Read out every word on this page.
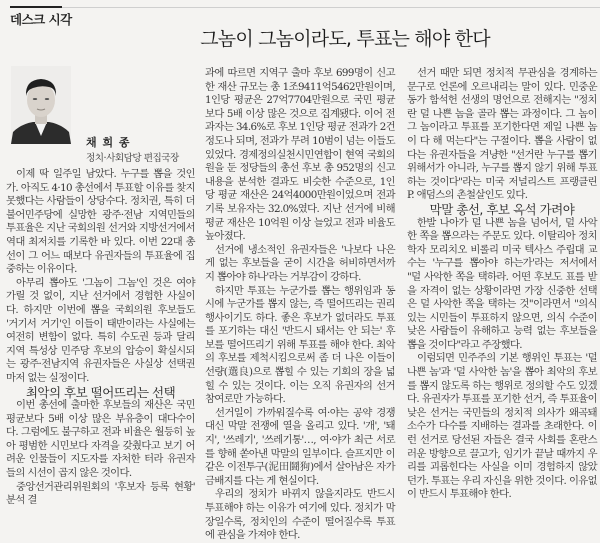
데스크 시각
그놈이 그놈이라도, 투표는 해야 한다
채 희 종
정치·사회담당 편집국장

이제 딱 일주일 남았다. 누구를 뽑을 것인가. 아직도 4·10 총선에서 투표할 이유를 찾지 못했다는 사람들이 상당수다. 정치권, 특히 더불어민주당에 실망한 광주·전남 지역민들의 투표율은 지난 국회의원 선거와 지방선거에서 역대 최저치를 기록한 바 있다. 이번 22대 총선이 그 어느 때보다 유권자들의 투표율에 집중하는 이유이다.

아무리 뽑아도 '그놈이 그놈'인 것은 여야 가릴 것 없이, 지난 선거에서 경험한 사실이다. 하지만 이번에 뽑을 국회의원 후보들도 '거기서 거기'인 이들이 태반이라는 사실에는 여전히 변함이 없다. 특히 수도권 등과 달리 지역 특성상 민주당 후보의 압승이 확실시되는 광주·전남지역 유권자들은 사실상 선택권마저 없는 실정이다.

최악의 후보 떨어뜨리는 선택

이번 총선에 출마한 후보들의 재산은 국민 평균보다 5배 이상 많은 부유층이 대다수이다. 그럼에도 불구하고 전과 비율은 월등히 높아 평범한 시민보다 자격을 갖췄다고 보기 어려운 인물들이 지도자를 자처한 터라 유권자들의 시선이 곱지 않은 것이다.

중앙선거관리위원회의 '후보자 등록 현황' 분석 결

과에 따르면 지역구 출마 후보 699명이 신고한 재산 규모는 총 1조9411억5462만원이며, 1인당 평균은 27억7704만원으로 국민 평균보다 5배 이상 많은 것으로 집계됐다. 이어 전과자는 34.6%로 후보 1인당 평균 전과가 2건 정도나 되며, 전과가 무려 10범이 넘는 이들도 있었다. 경제정의실천시민연합이 현역 국회의원을 둔 정당들의 총선 후보 총 952명의 신고 내용을 분석한 결과도 비슷한 수준으로, 1인당 평균 재산은 24억4000만원이었으며 전과 기록 보유자는 32.0%였다. 지난 선거에 비해 평균 재산은 10억원 이상 늘었고 전과 비율도 높아졌다.

선거에 냉소적인 유권자들은 '나보다 나은 게 없는 후보들을 굳이 시간을 허비하면서까지 뽑아야 하나'라는 거부감이 강하다.

하지만 투표는 누군가를 뽑는 행위임과 동시에 누군가를 뽑지 않는, 즉 떨어뜨리는 권리 행사이기도 하다. 좋은 후보가 없더라도 투표를 포기하는 대신 '반드시 돼서는 안 되는' 후보를 떨어뜨리기 위해 투표를 해야 한다. 최악의 후보를 제척시킴으로써 좀 더 나은 이들이 선량(選良)으로 뽑힐 수 있는 기회의 장을 넓힐 수 있는 것이다. 이는 오직 유권자의 선거 참여로만 가능하다.

선거일이 가까워질수록 여·야는 공약 경쟁 대신 막말 전쟁에 열을 올리고 있다. '개', '돼지', '쓰레기', '쓰레기통'…, 여·야가 최근 서로를 향해 쏟아낸 막말의 일부이다. 슬프지만 이같은 이전투구(泥田鬪狗)에서 살아남은 자가 금배지를 다는 게 현실이다.

우리의 정치가 바뀌지 않을지라도 반드시 투표해야 하는 이유가 여기에 있다. 정치가 막장일수록, 정치인의 수준이 떨어질수록 투표에 관심을 가져야 한다.

선거 때만 되면 정치적 무관심을 경계하는 문구로 언론에 오르내리는 말이 있다. 민중운동가 함석헌 선생의 명언으로 전해지는 "정치란 덜 나쁜 놈을 골라 뽑는 과정이다. 그 놈이 그 놈이라고 투표를 포기한다면 제일 나쁜 놈이 다 해 먹는다"는 구절이다. 뽑을 사람이 없다는 유권자들을 겨냥한 "선거란 누구를 뽑기 위해서가 아니라, 누구를 뽑지 않기 위해 투표하는 것이다"라는 미국 저널리스트 프랭클린 P. 애덤스의 촌철살인도 있다.

막말 총선, 후보 옥석 가려야

한발 나아가 덜 나쁜 놈을 넘어서, 덜 사악한 쪽을 뽑으라는 주문도 있다. 이탈리아 정치학자 모리치오 비롤리 미국 텍사스 주립대 교수는 '누구를 뽑아야 하는가'라는 저서에서 "덜 사악한 쪽을 택하라. 어떤 후보도 표를 받을 자격이 없는 상황이라면 가장 신중한 선택은 덜 사악한 쪽을 택하는 것"이라면서 "의식 있는 시민들이 투표하지 않으면, 의식 수준이 낮은 사람들이 유해하고 능력 없는 후보들을 뽑을 것이다"라고 주장했다.

이럼되면 민주주의 기본 행위인 투표는 '덜 나쁜 놈'과 '덜 사악한 놈'을 뽑아 최악의 후보를 뽑지 않도록 하는 행위로 정의할 수도 있겠다. 유권자가 투표를 포기한 선거, 즉 투표율이 낮은 선거는 국민들의 정치적 의사가 왜곡돼 소수가 다수를 지배하는 결과를 초래한다. 이런 선거로 당선된 자들은 결국 사회를 혼란스러운 방향으로 끌고가, 임기가 끝날 때까지 우리를 괴롭힌다는 사실을 이미 경험하지 않았던가. 투표는 우리 자신을 위한 것이다. 이유없이 반드시 투표해야 한다.
